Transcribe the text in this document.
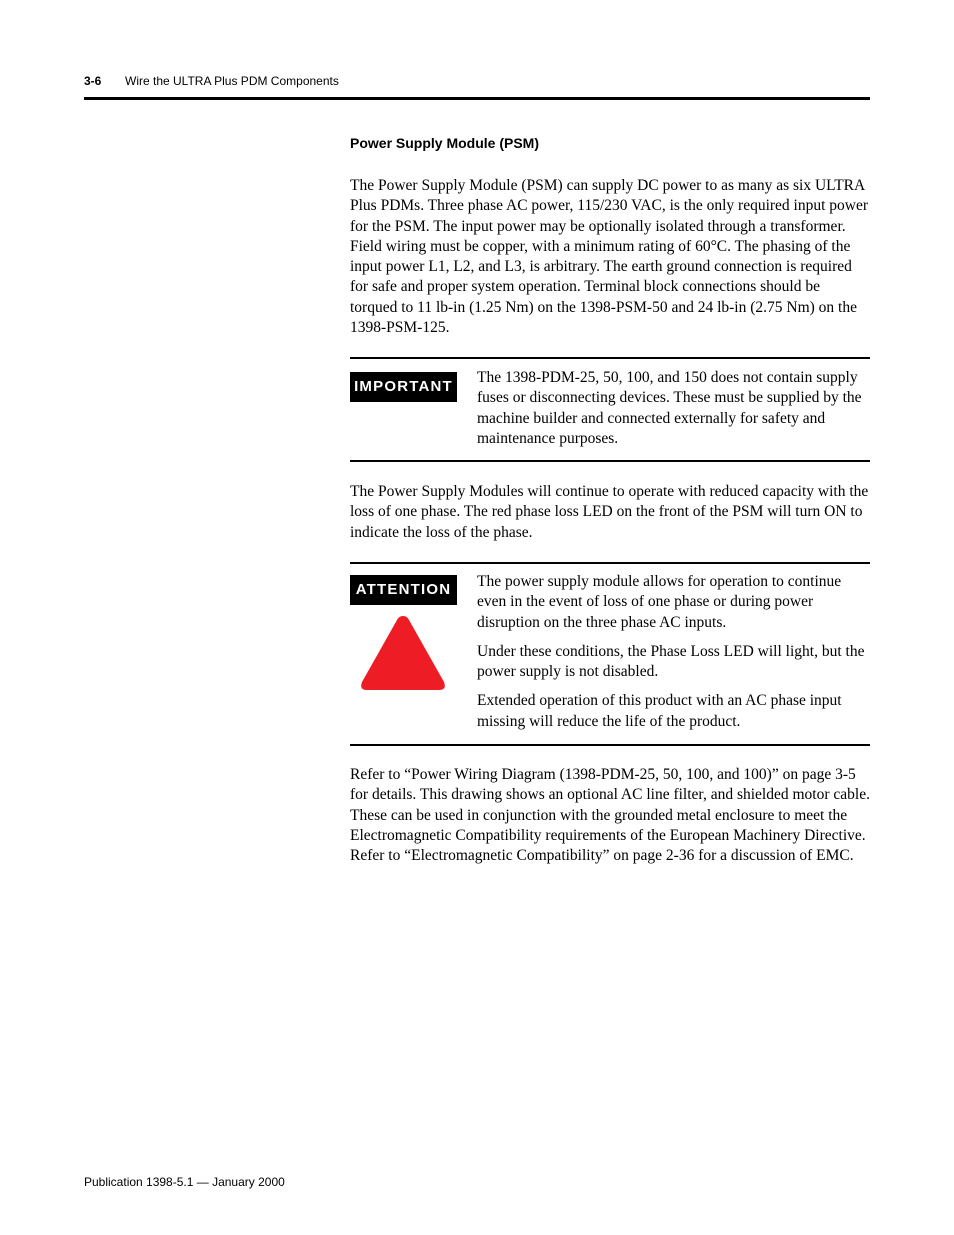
3-6 Wire the ULTRA Plus PDM Components
Power Supply Module (PSM)

The Power Supply Module (PSM) can supply DC power to as many as six ULTRA Plus PDMs. Three phase AC power, 115/230 VAC, is the only required input power for the PSM. The input power may be optionally isolated through a transformer. Field wiring must be copper, with a minimum rating of 60°C. The phasing of the input power L1, L2, and L3, is arbitrary. The earth ground connection is required for safe and proper system operation. Terminal block connections should be torqued to 11 lb-in (1.25 Nm) on the 1398-PSM-50 and 24 lb-in (2.75 Nm) on the 1398-PSM-125.

IMPORTANT

The 1398-PDM-25, 50, 100, and 150 does not contain supply fuses or disconnecting devices. These must be supplied by the machine builder and connected externally for safety and maintenance purposes.

The Power Supply Modules will continue to operate with reduced capacity with the loss of one phase. The red phase loss LED on the front of the PSM will turn ON to indicate the loss of the phase.

ATTENTION	The power supply module allows for operation to continue even in the event of loss of one phase or during power disruption on the three phase AC inputs.

Under these conditions, the Phase Loss LED will light, but the power supply is not disabled.

Extended operation of this product with an AC phase input missing will reduce the life of the product.

Refer to “Power Wiring Diagram (1398-PDM-25, 50, 100, and 100)” on page 3-5 for details. This drawing shows an optional AC line filter, and shielded motor cable. These can be used in conjunction with the grounded metal enclosure to meet the Electromagnetic Compatibility requirements of the European Machinery Directive. Refer to “Electromagnetic Compatibility” on page 2-36 for a discussion of EMC.

Publication 1398-5.1 — January 2000
